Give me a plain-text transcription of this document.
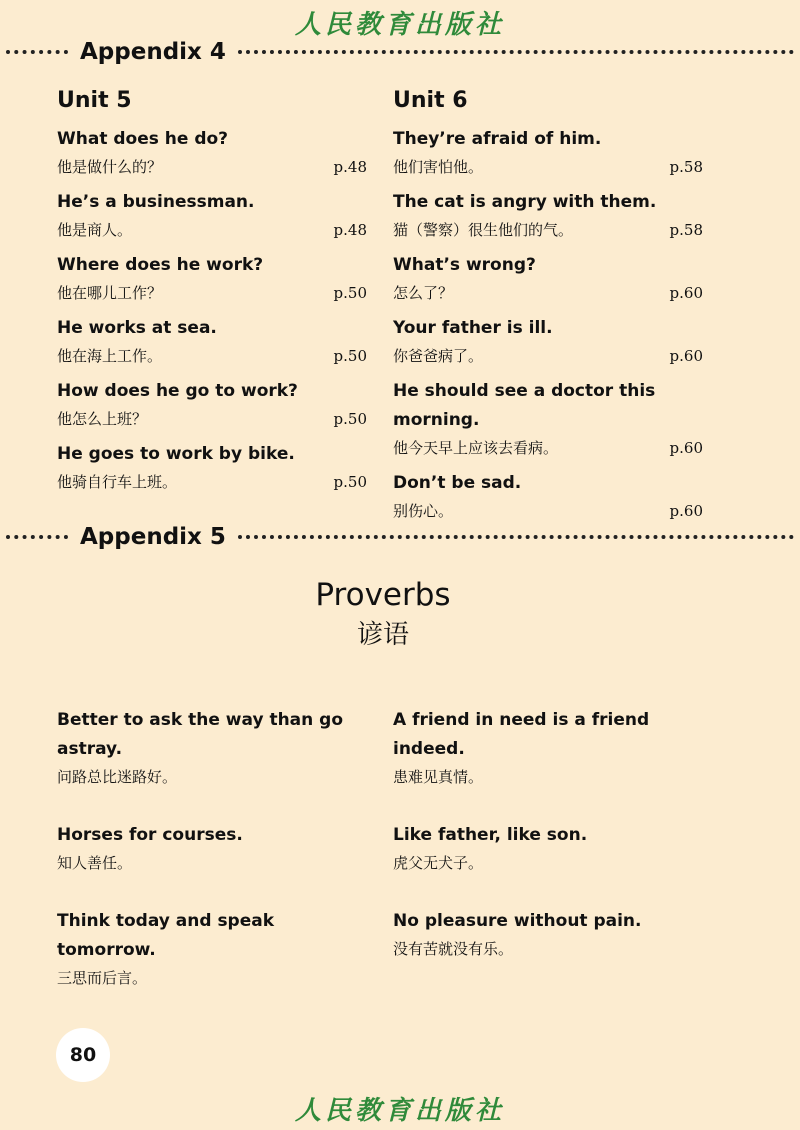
人民教育出版社
Appendix 4
Unit 5
What does he do?
他是做什么的？	p.48
He’s a businessman.
他是商人。	p.48
Where does he work?
他在哪儿工作？	p.50
He works at sea.
他在海上工作。	p.50
How does he go to work?
他怎么上班？	p.50
He goes to work by bike.
他骑自行车上班。	p.50
Unit 6
They’re afraid of him.
他们害怕他。	p.58
The cat is angry with them.
猫（警察）很生他们的气。	p.58
What’s wrong?
怎么了？	p.60
Your father is ill.
你爸爸病了。	p.60
He should see a doctor this morning.
他今天早上应该去看病。	p.60
Don’t be sad.
别伤心。	p.60
Appendix 5
Proverbs
谚语
Better to ask the way than go astray.
问路总比迷路好。
Horses for courses.
知人善任。
Think today and speak tomorrow.
三思而后言。
A friend in need is a friend indeed.
患难见真情。
Like father, like son.
虎父无犬子。
No pleasure without pain.
没有苦就没有乐。
80
人民教育出版社
